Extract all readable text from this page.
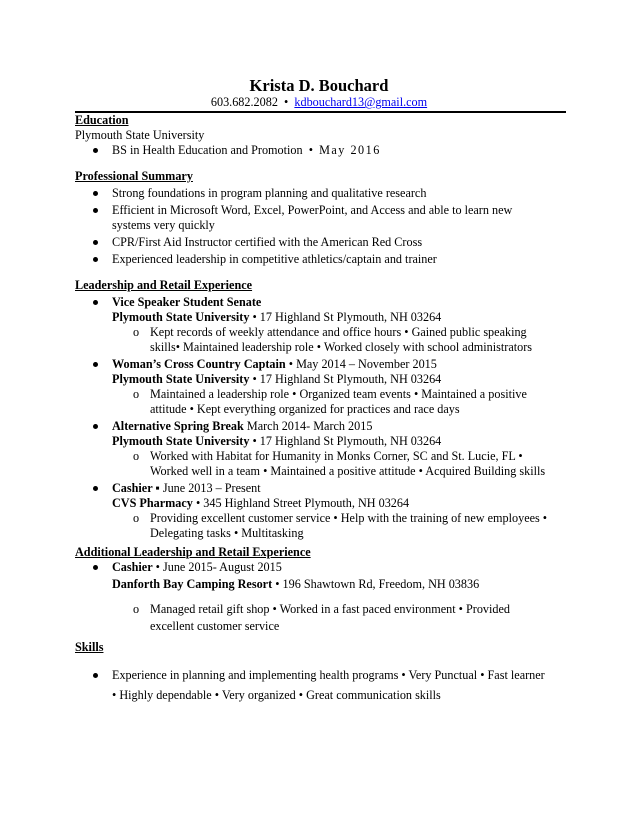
Krista D. Bouchard
603.682.2082 • kdbouchard13@gmail.com
Education
Plymouth State University
BS in Health Education and Promotion  •  May 2016
Professional Summary
Strong foundations in program planning and qualitative research
Efficient in Microsoft Word, Excel, PowerPoint, and Access and able to learn new
systems very quickly
CPR/First Aid Instructor certified with the American Red Cross
Experienced leadership in competitive athletics/captain and trainer
Leadership and Retail Experience
Vice Speaker Student Senate
Plymouth State University • 17 Highland St Plymouth, NH 03264
o Kept records of weekly attendance and office hours • Gained public speaking
skills• Maintained leadership role • Worked closely with school administrators
Woman’s Cross Country Captain • May 2014 – November 2015
Plymouth State University • 17 Highland St Plymouth, NH 03264
o Maintained a leadership role • Organized team events • Maintained a positive
attitude • Kept everything organized for practices and race days
Alternative Spring Break March 2014- March 2015
Plymouth State University • 17 Highland St Plymouth, NH 03264
o Worked with Habitat for Humanity in Monks Corner, SC and St. Lucie, FL •
Worked well in a team • Maintained a positive attitude • Acquired Building skills
Cashier ▪ June 2013 – Present
CVS Pharmacy • 345 Highland Street Plymouth, NH 03264
o Providing excellent customer service • Help with the training of new employees •
Delegating tasks • Multitasking
Additional Leadership and Retail Experience
Cashier • June 2015- August 2015
Danforth Bay Camping Resort • 196 Shawtown Rd, Freedom, NH 03836
o Managed retail gift shop • Worked in a fast paced environment • Provided
excellent customer service
Skills
Experience in planning and implementing health programs • Very Punctual • Fast learner
• Highly dependable • Very organized • Great communication skills
